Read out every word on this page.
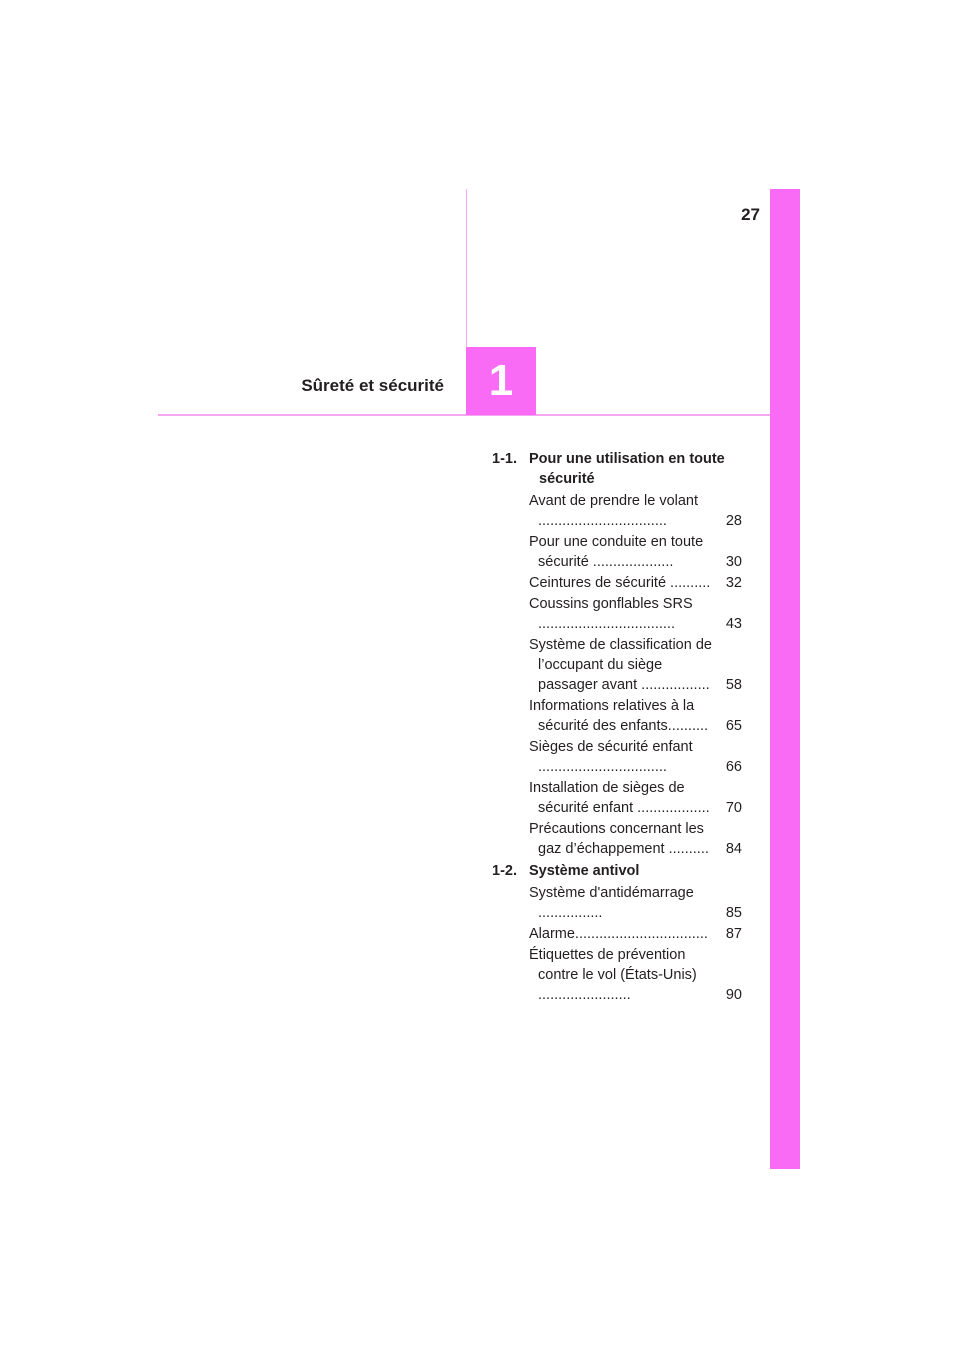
27
1
Sûreté et sécurité
1-1. Pour une utilisation en toute sécurité
Avant de prendre le volant ................................	28
Pour une conduite en toute sécurité ....................	30
Ceintures de sécurité ..........	32
Coussins gonflables SRS ..................................	43
Système de classification de l’occupant du siège passager avant .................	58
Informations relatives à la sécurité des enfants..........	65
Sièges de sécurité enfant ................................	66
Installation de sièges de sécurité enfant ..................	70
Précautions concernant les gaz d’échappement ..........	84
1-2. Système antivol
Système d'antidémarrage ................	85
Alarme.................................	87
Étiquettes de prévention contre le vol (États-Unis) .......................	90
